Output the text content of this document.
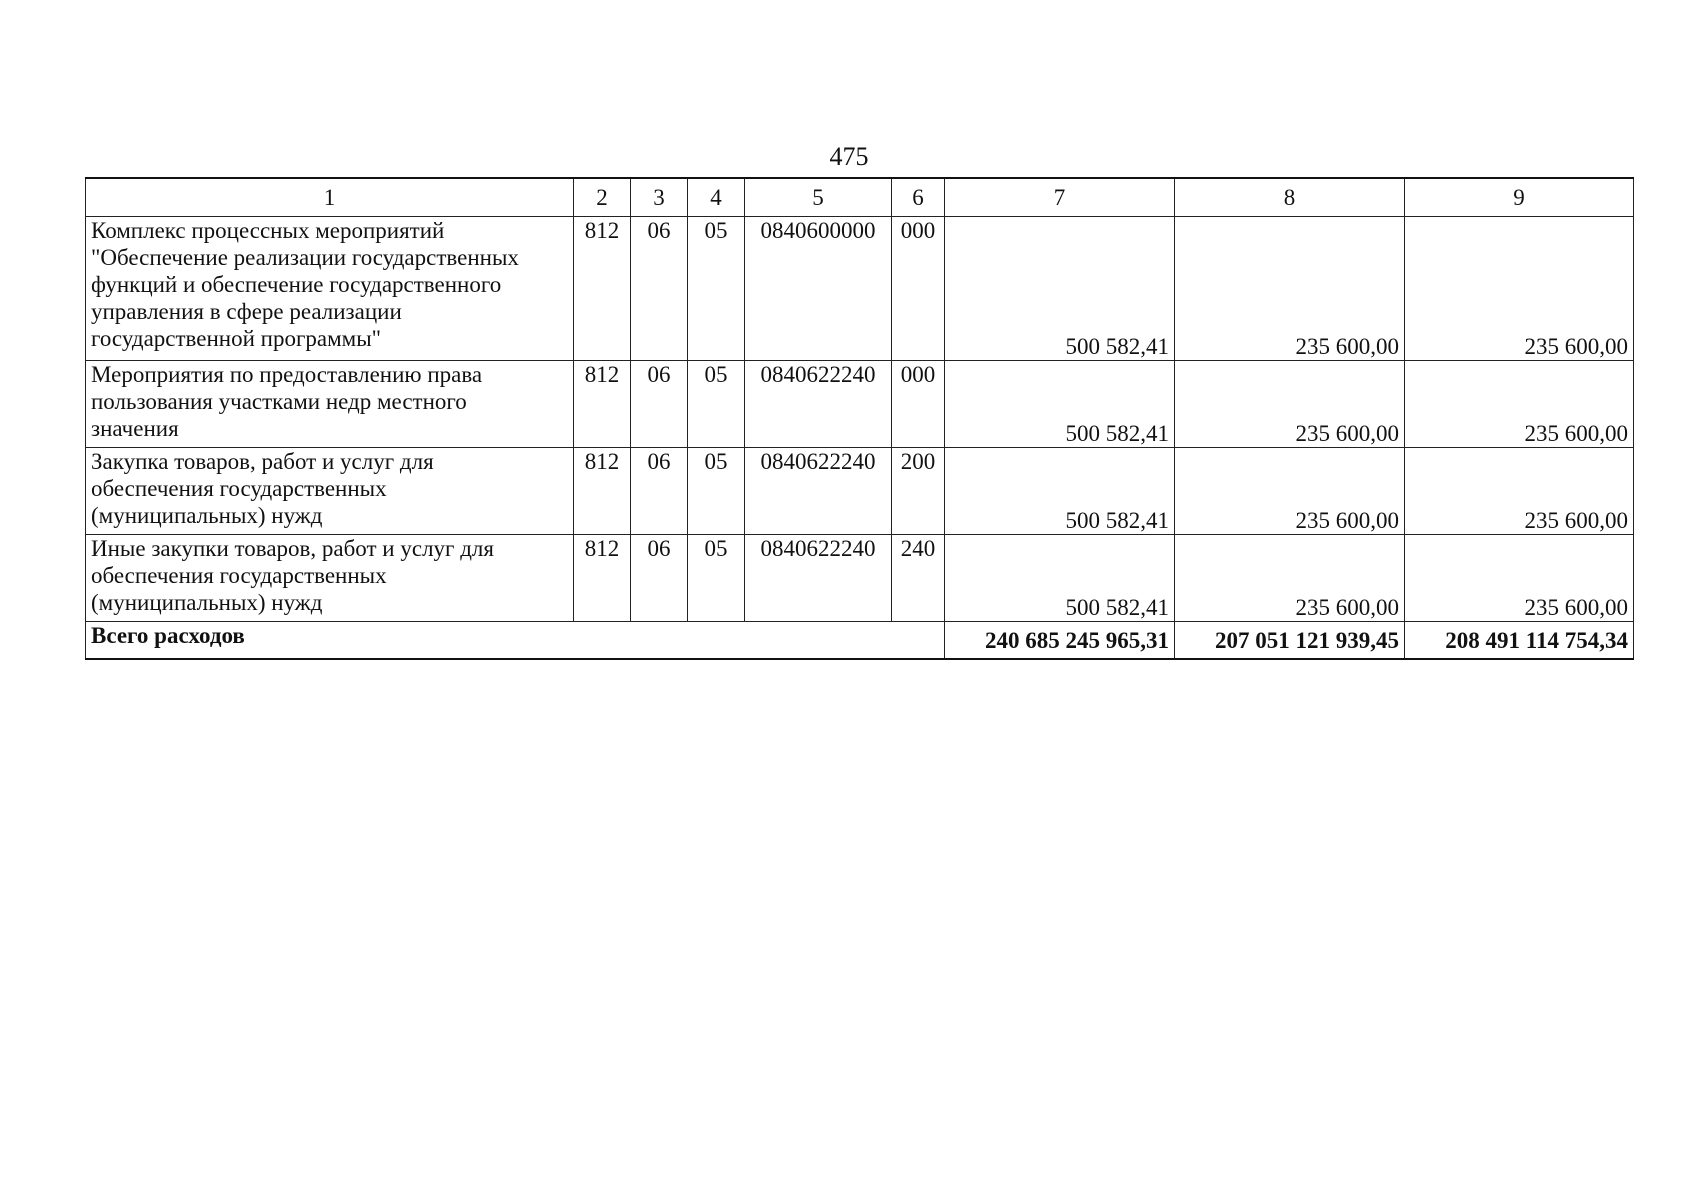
475
1	2	3	4	5	6	7	8	9

Комплекс процессных мероприятий
"Обеспечение реализации государственных
функций и обеспечение государственного
управления в сфере реализации
государственной программы"	812	06	05	0840600000	000	500 582,41	235 600,00	235 600,00

Мероприятия по предоставлению права
пользования участками недр местного
значения	812	06	05	0840622240	000	500 582,41	235 600,00	235 600,00

Закупка товаров, работ и услуг для
обеспечения государственных
(муниципальных) нужд	812	06	05	0840622240	200	500 582,41	235 600,00	235 600,00

Иные закупки товаров, работ и услуг для
обеспечения государственных
(муниципальных) нужд	812	06	05	0840622240	240	500 582,41	235 600,00	235 600,00
Всего расходов						240 685 245 965,31	207 051 121 939,45	208 491 114 754,34
